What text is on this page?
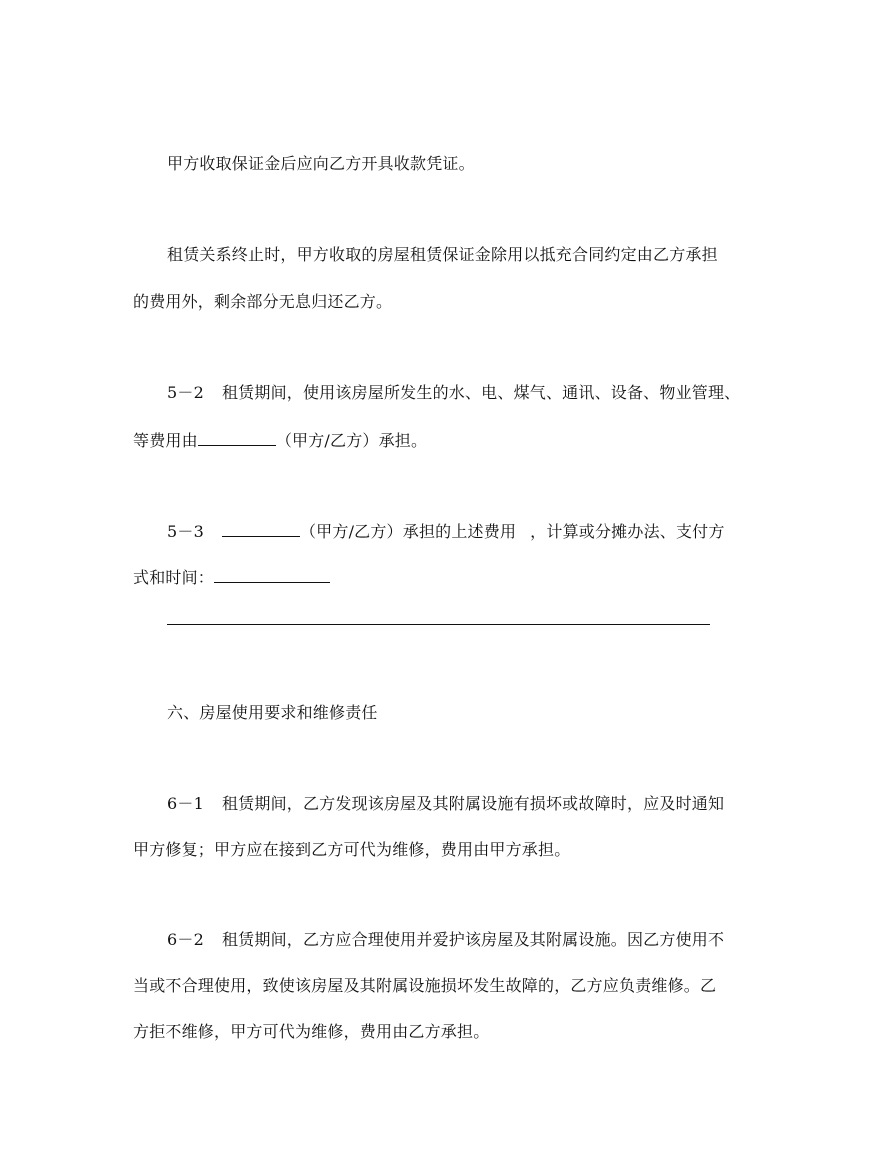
甲方收取保证金后应向乙方开具收款凭证。
租赁关系终止时，甲方收取的房屋租赁保证金除用以抵充合同约定由乙方承担
的费用外，剩余部分无息归还乙方。
5－2 租赁期间，使用该房屋所发生的水、电、煤气、通讯、设备、物业管理、
等费用由	（甲方/乙方）承担。
5－3	（甲方/乙方）承担的上述费用 ，计算或分摊办法、支付方
式和时间：
六、房屋使用要求和维修责任
6－1 租赁期间，乙方发现该房屋及其附属设施有损坏或故障时，应及时通知
甲方修复；甲方应在接到乙方可代为维修，费用由甲方承担。
6－2 租赁期间，乙方应合理使用并爱护该房屋及其附属设施。因乙方使用不
当或不合理使用，致使该房屋及其附属设施损坏发生故障的，乙方应负责维修。乙
方拒不维修，甲方可代为维修，费用由乙方承担。
